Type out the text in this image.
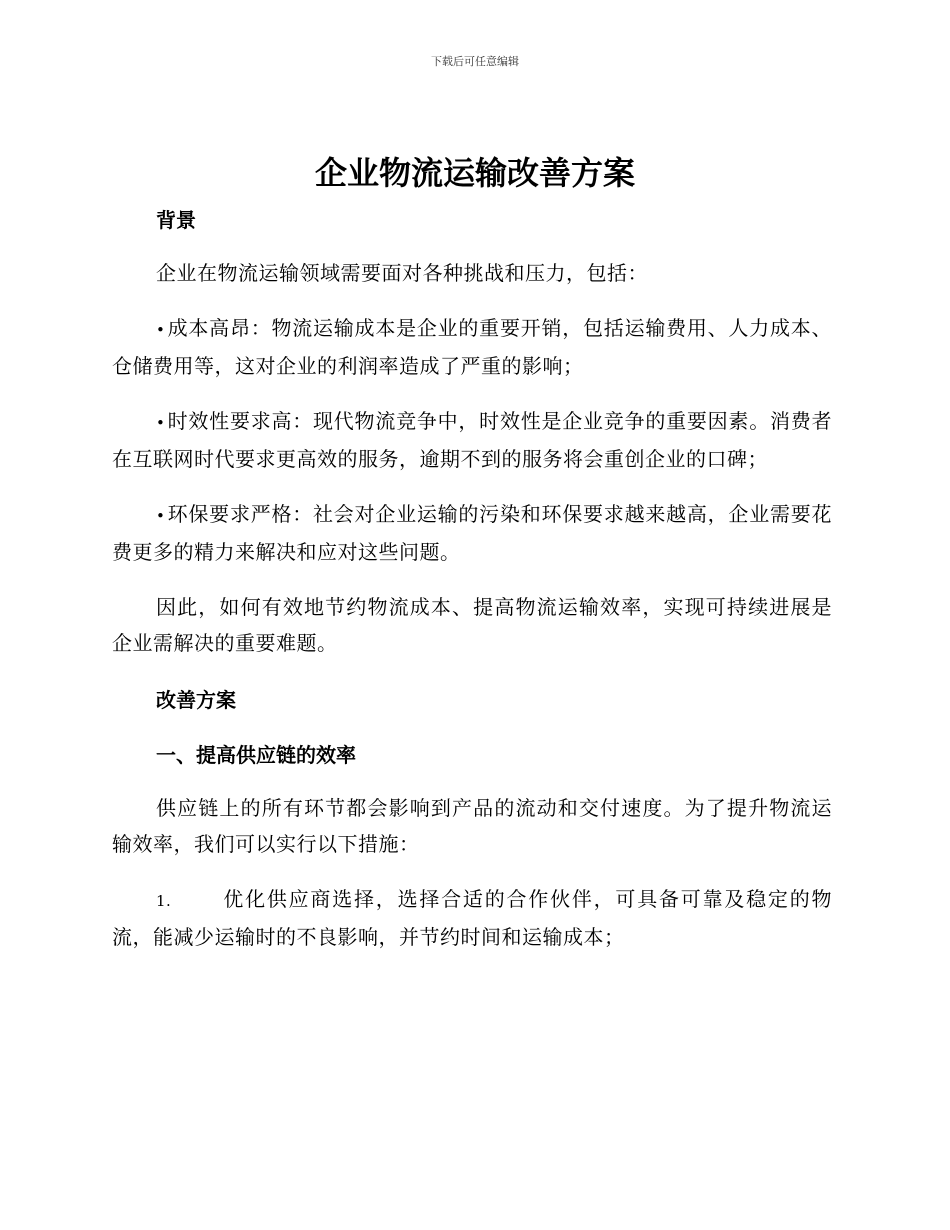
下载后可任意编辑
企业物流运输改善方案
背景

企业在物流运输领域需要面对各种挑战和压力，包括：

• 成本高昂：物流运输成本是企业的重要开销，包括运输费用、人力成本、仓储费用等，这对企业的利润率造成了严重的影响；

• 时效性要求高：现代物流竞争中，时效性是企业竞争的重要因素。消费者在互联网时代要求更高效的服务，逾期不到的服务将会重创企业的口碑；

• 环保要求严格：社会对企业运输的污染和环保要求越来越高，企业需要花费更多的精力来解决和应对这些问题。

因此，如何有效地节约物流成本、提高物流运输效率，实现可持续进展是企业需解决的重要难题。

改善方案
一、提高供应链的效率

供应链上的所有环节都会影响到产品的流动和交付速度。为了提升物流运输效率，我们可以实行以下措施：

1.	优化供应商选择，选择合适的合作伙伴，可具备可靠及稳定的物流，能减少运输时的不良影响，并节约时间和运输成本；
